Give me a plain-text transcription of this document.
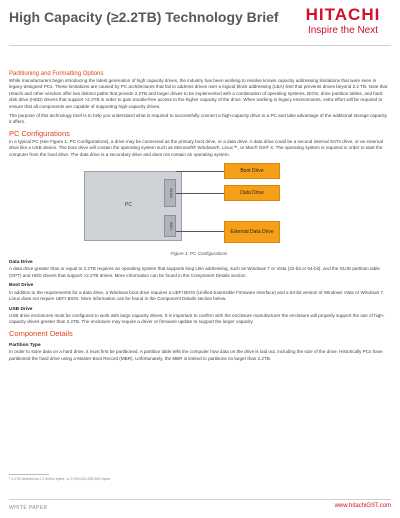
High Capacity (≥2.2TB) Technology Brief	HITACHI
Inspire the Next
Partitioning and Formatting Options
While manufacturers begin introducing the latest generation of high capacity drives, the industry has been working to resolve known capacity addressing limitations that were seen in legacy-designed PCs. These limitations are caused by PC architectures that fail to address drives over a logical block addressing (LBA) limit that prevents drives beyond 2.2 TB. Note that Hitachi and other vendors offer two distinct paths that provide 2.2TB and larger drives to be implemented with a combination of operating systems, BIOS, drive partition tables, and hard disk drive (HDD) drivers that support >2.2TB in order to gain trouble-free access to the higher capacity of the drive. When working in legacy environments, extra effort will be required to ensure that all components are capable of supporting high-capacity drives.
The purpose of this technology brief is to help you understand what is required to successfully connect a high-capacity drive to a PC and take advantage of the additional storage capacity it offers.
PC Configurations
In a typical PC (see Figure 1: PC Configurations), a drive may be connected as the primary boot drive, or a data drive. A data drive could be a second internal SATA drive, or an external drive like a USB device. The boot drive will contain the operating system such as Microsoft® Windows®, Linux™, or Mac® OS® X. The operating system is required in order to start the computer from the hard drive. The data drive is a secondary drive and does not contain an operating system.
PC
SATA
USB
Boot Drive
Data Drive
External Data Drive
Figure 1: PC Configurations
Data Drive
A data drive greater than or equal to 2.2TB requires an operating system that supports long LBA addressing, such as Windows 7 or Vista (32-bit or 64-bit), and the GUID partition table (GPT) and HDD drivers that support >2.2TB drives. More information can be found in the Component Details section.
Boot Drive
In addition to the requirements for a data drive, a Windows boot drive requires a UEFI BIOS (Unified Extensible Firmware Interface) and a 64-bit version of Windows Vista or Windows 7. Linux does not require UEFI BIOS. More information can be found in the Component Details section below.
USB Drive
USB drive enclosures must be configured to work with large capacity drives. It is important to confirm with the enclosure manufacturer the enclosure will properly support the use of high-capacity drives greater than 2.2TB. The enclosure may require a driver or firmware update to support the larger capacity.
Component Details
Partition Type
In order to store data on a hard drive, it must first be partitioned. A partition table tells the computer how data on the drive is laid out, including the size of the drive. Historically PCs have partitioned the hard drive using a Master Boot Record (MBR). Unfortunately, the MBR is limited to partitions no larger than 2.2TB.
¹ 2.2TB defined as 2.2 trillion bytes, or 2,199,023,255,552 bytes
WHITE PAPER	www.hitachiGST.com
